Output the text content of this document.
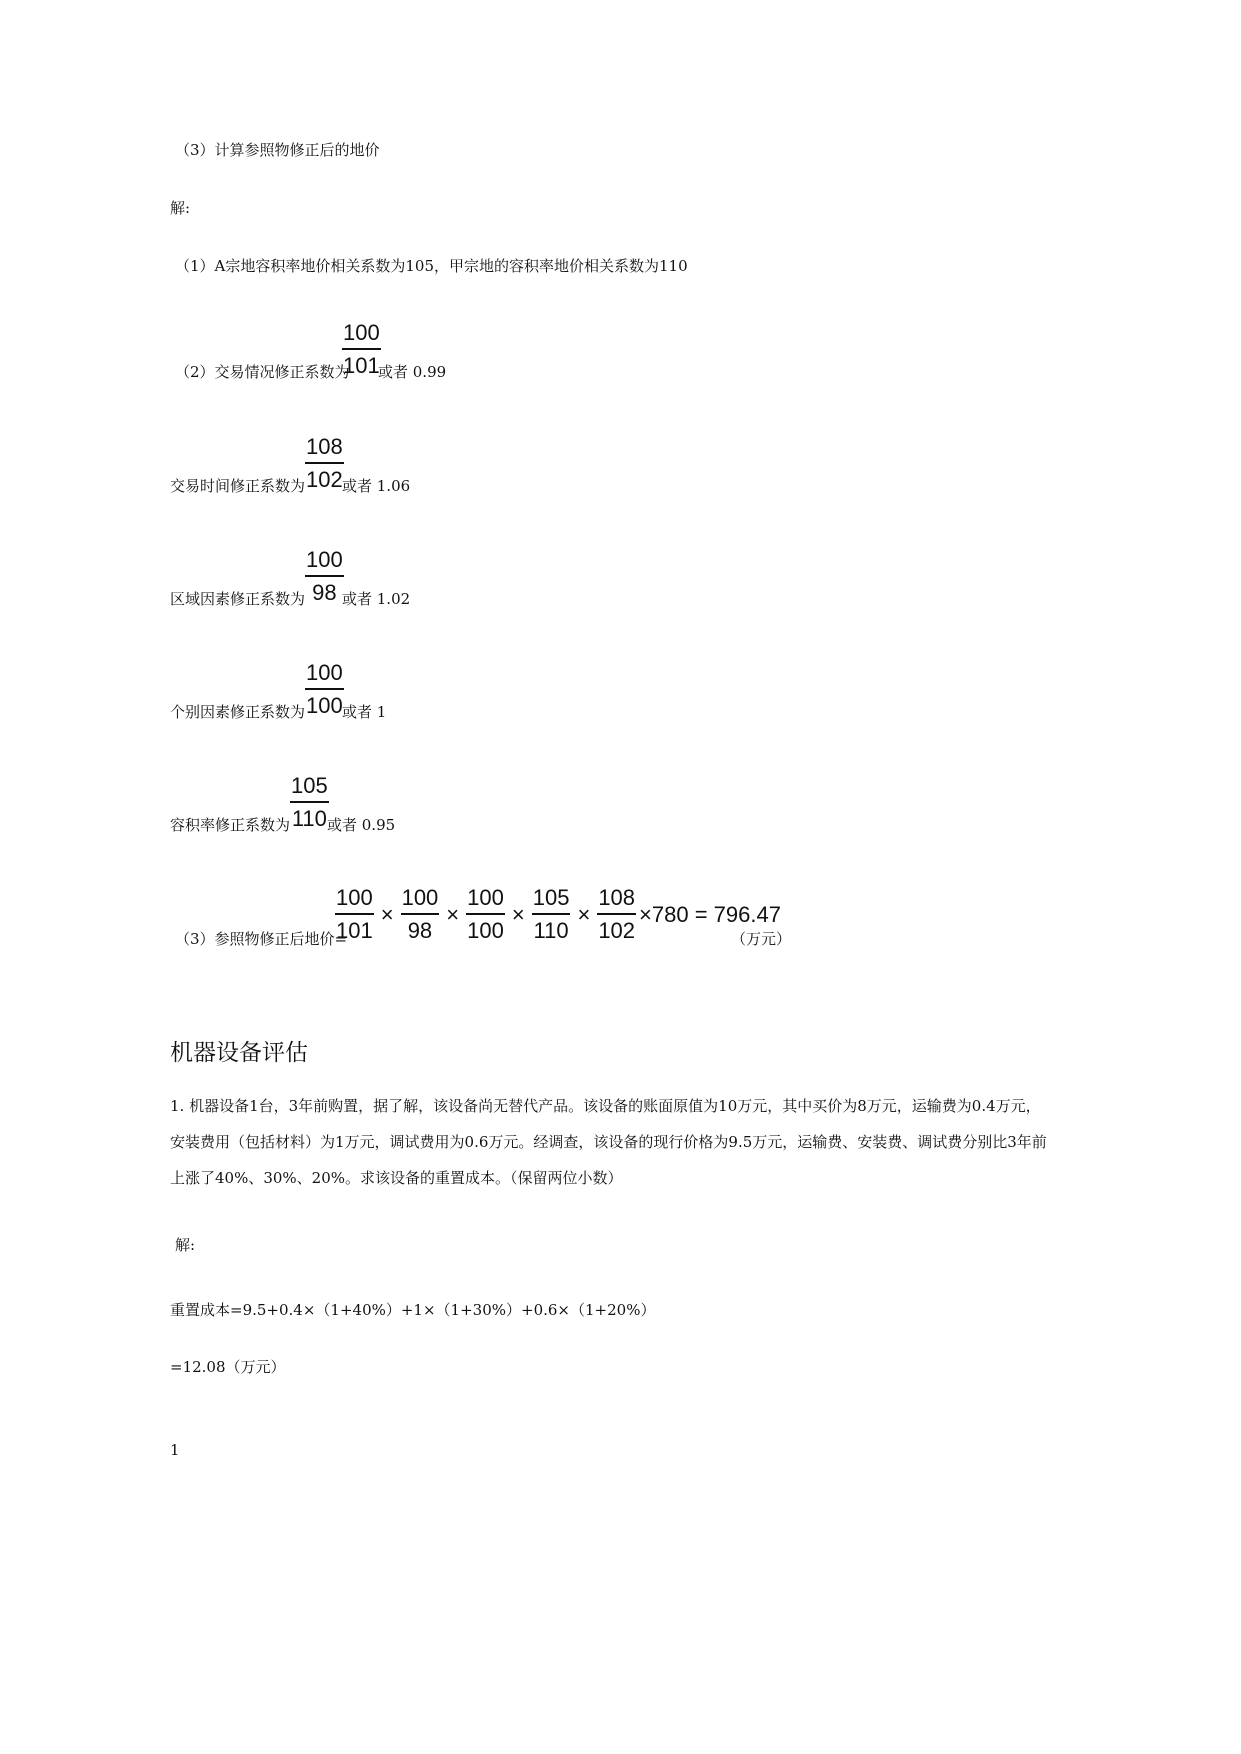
（3）计算参照物修正后的地价
解:
（1）A宗地容积率地价相关系数为105，甲宗地的容积率地价相关系数为110
（2）交易情况修正系数为
100
101
或者 0.99
交易时间修正系数为
108
102 或者 1.06
区域因素修正系数为
100
98 或者 1.02
个别因素修正系数为
100
100 或者 1
容积率修正系数为
105
110 或者 0.95
（3）参照物修正后地价=
$\frac{100}{101} \times \frac{100}{98} \times \frac{100}{100} \times \frac{105}{110} \times \frac{108}{102} \times 780 = 796.47$
（万元）
机器设备评估
1. 机器设备1台，3年前购置，据了解，该设备尚无替代产品。该设备的账面原值为10万元，其中买价为8万元，运输费为0.4万元，安装费用（包括材料）为1万元，调试费用为0.6万元。经调查，该设备的现行价格为9.5万元，运输费、安装费、调试费分别比3年前上涨了40%、30%、20%。求该设备的重置成本。（保留两位小数）
解:
重置成本=9.5+0.4×（1+40%）+1×（1+30%）+0.6×（1+20%）
=12.08（万元）
1
